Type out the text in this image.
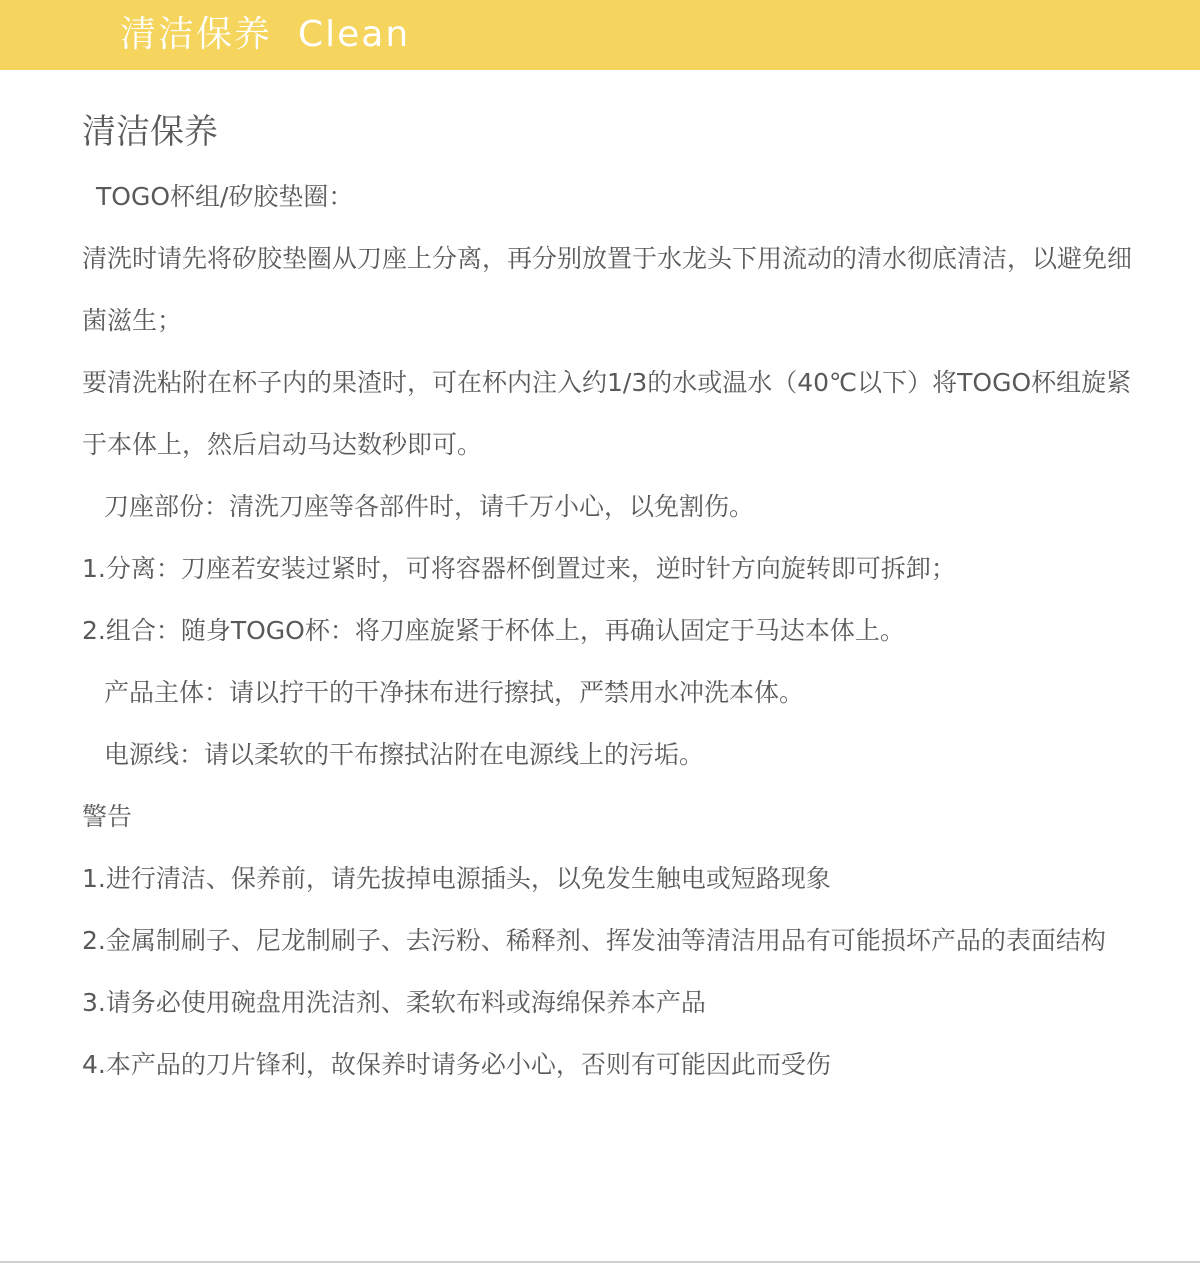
清洁保养 Clean
清洁保养

TOGO杯组/矽胶垫圈：

清洗时请先将矽胶垫圈从刀座上分离，再分别放置于水龙头下用流动的清水彻底清洁，以避免细菌滋生；

要清洗粘附在杯子内的果渣时，可在杯内注入约1/3的水或温水（40℃以下）将TOGO杯组旋紧于本体上，然后启动马达数秒即可。

刀座部份：清洗刀座等各部件时，请千万小心，以免割伤。

1.分离：刀座若安装过紧时，可将容器杯倒置过来，逆时针方向旋转即可拆卸；

2.组合：随身TOGO杯：将刀座旋紧于杯体上，再确认固定于马达本体上。

产品主体：请以拧干的干净抹布进行擦拭，严禁用水冲洗本体。

电源线：请以柔软的干布擦拭沾附在电源线上的污垢。

警告

1.进行清洁、保养前，请先拔掉电源插头，以免发生触电或短路现象

2.金属制刷子、尼龙制刷子、去污粉、稀释剂、挥发油等清洁用品有可能损坏产品的表面结构

3.请务必使用碗盘用洗洁剂、柔软布料或海绵保养本产品

4.本产品的刀片锋利，故保养时请务必小心，否则有可能因此而受伤
